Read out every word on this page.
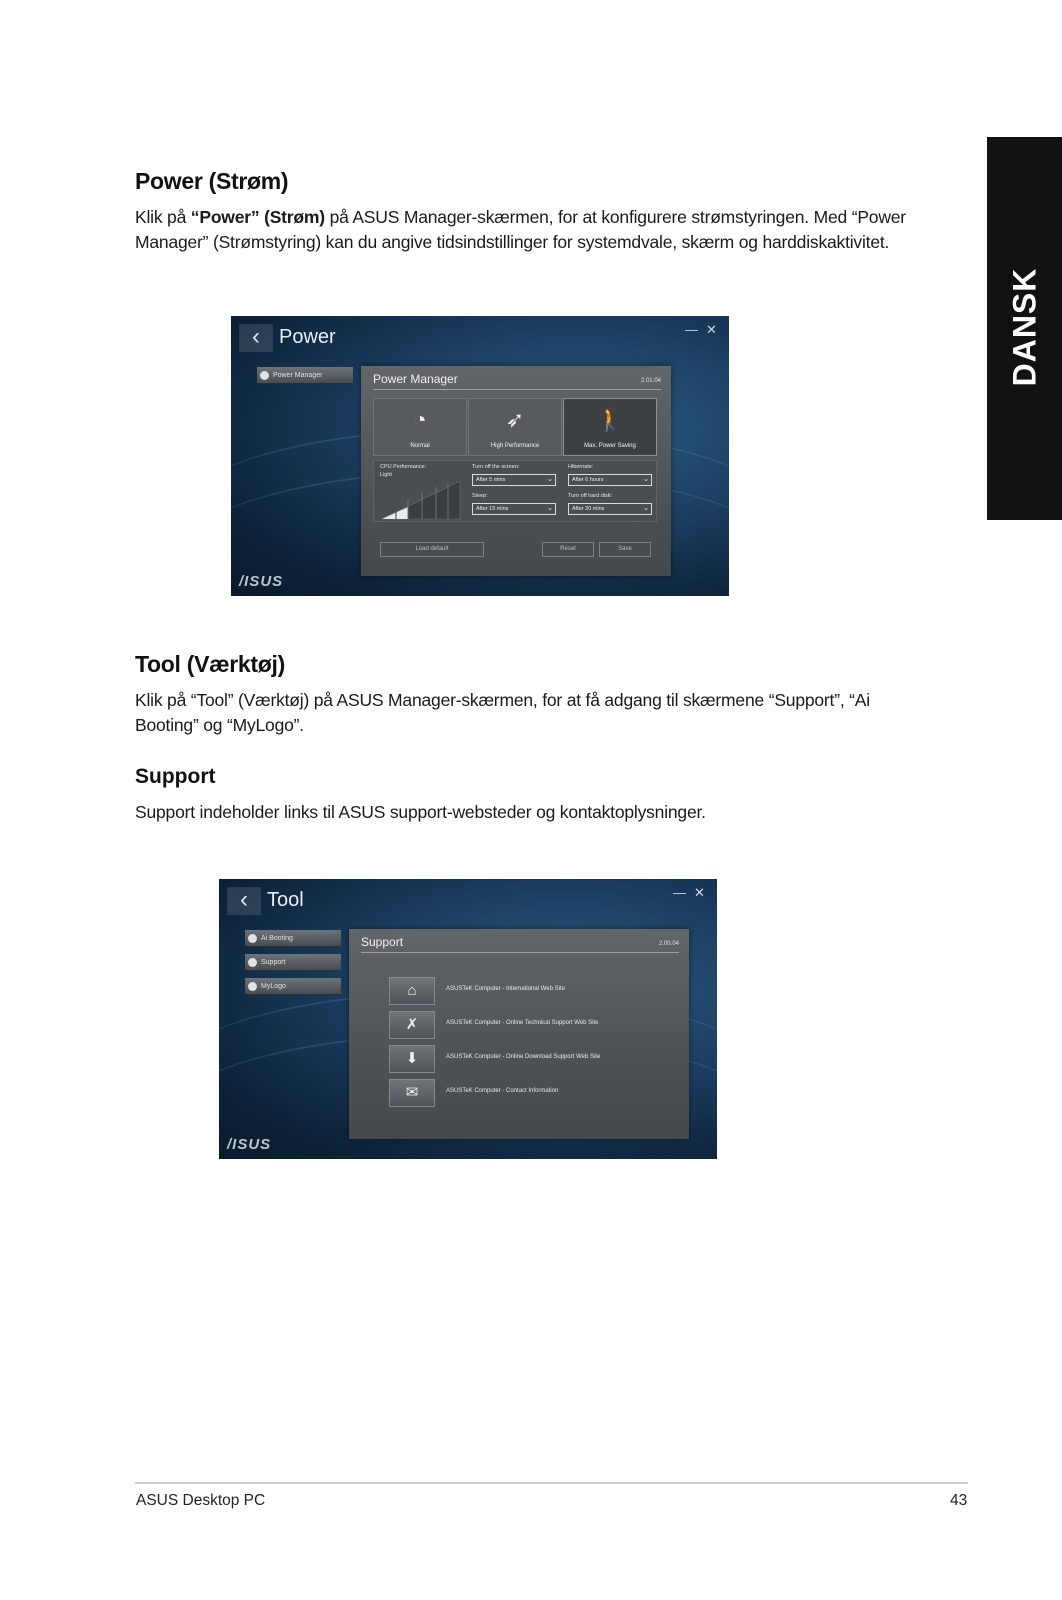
DANSK
Power (Strøm)
Klik på “Power” (Strøm) på ASUS Manager-skærmen, for at konfigurere strømstyringen. Med “Power Manager” (Strømstyring) kan du angive tidsindstillinger for systemdvale, skærm og harddiskaktivitet.
‹ Power	— ✕
Power Manager	Power Manager	2.01.04
◔
Normal
➶
High Performance
🚶
Max. Power Saving
CPU Performance:
Light
Turn off the screen:
After 5 mins	⌄
Hibernate:
After 6 hours	⌄
Sleep:
After 15 mins	⌄
Turn off hard disk:
After 20 mins	⌄
Load default	Reset	Save
/ISUS
Tool (Værktøj)
Klik på “Tool” (Værktøj) på ASUS Manager-skærmen, for at få adgang til skærmene “Support”, “Ai Booting” og “MyLogo”.
Support
Support indeholder links til ASUS support-websteder og kontaktoplysninger.
‹ Tool	— ✕
Ai Booting
Support
MyLogo
Support	2.00.04
⌂	ASUSTeK Computer - International Web Site
✗	ASUSTeK Computer - Online Technical Support Web Site
⬇	ASUSTeK Computer - Online Download Support Web Site
✉	ASUSTeK Computer - Contact Information
/ISUS
ASUS Desktop PC	43
